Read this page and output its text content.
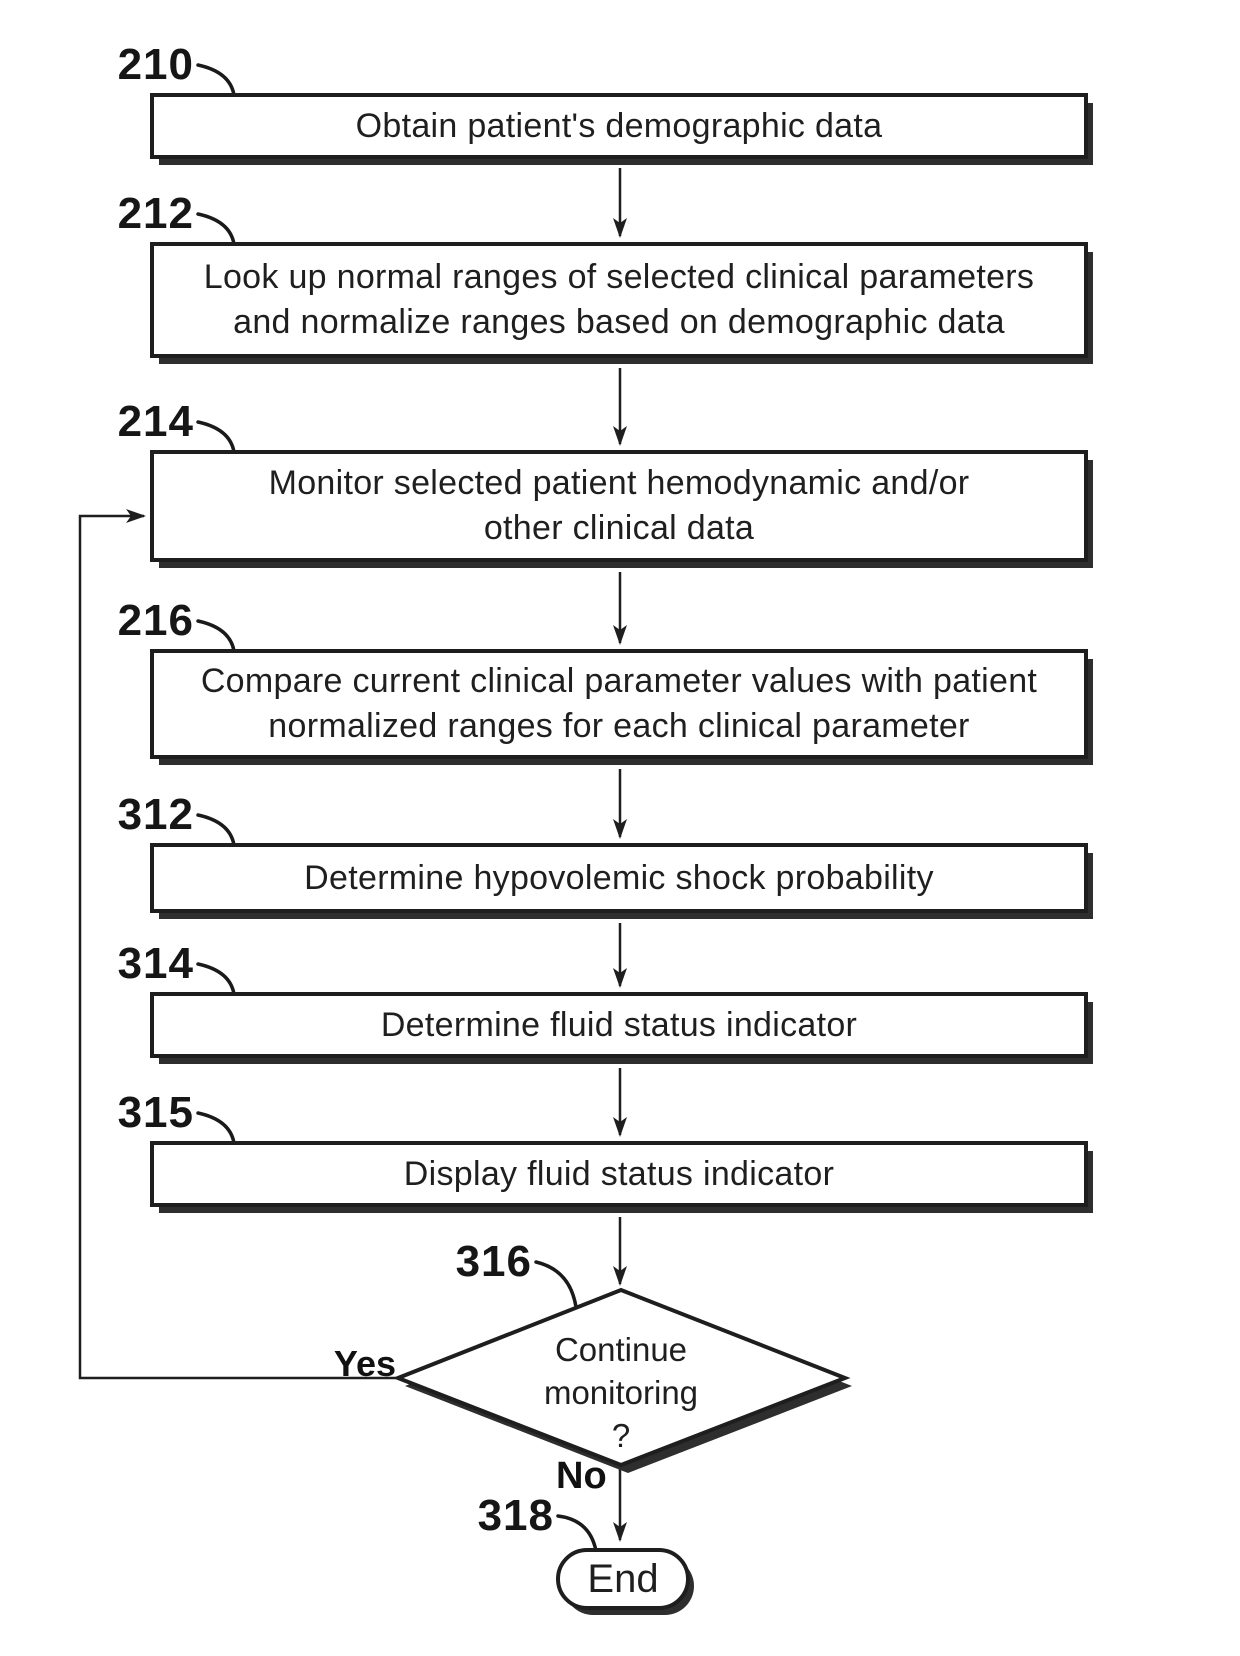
Obtain patient's demographic data
Look up normal ranges of selected clinical parameters
and normalize ranges based on demographic data
Monitor selected patient hemodynamic and/or
other clinical data
Compare current clinical parameter values with patient
normalized ranges for each clinical parameter
Determine hypovolemic shock probability
Determine fluid status indicator
Display fluid status indicator
Continue
monitoring
?
End
210
212
214
216
312
314
315
316
318
Yes
No
